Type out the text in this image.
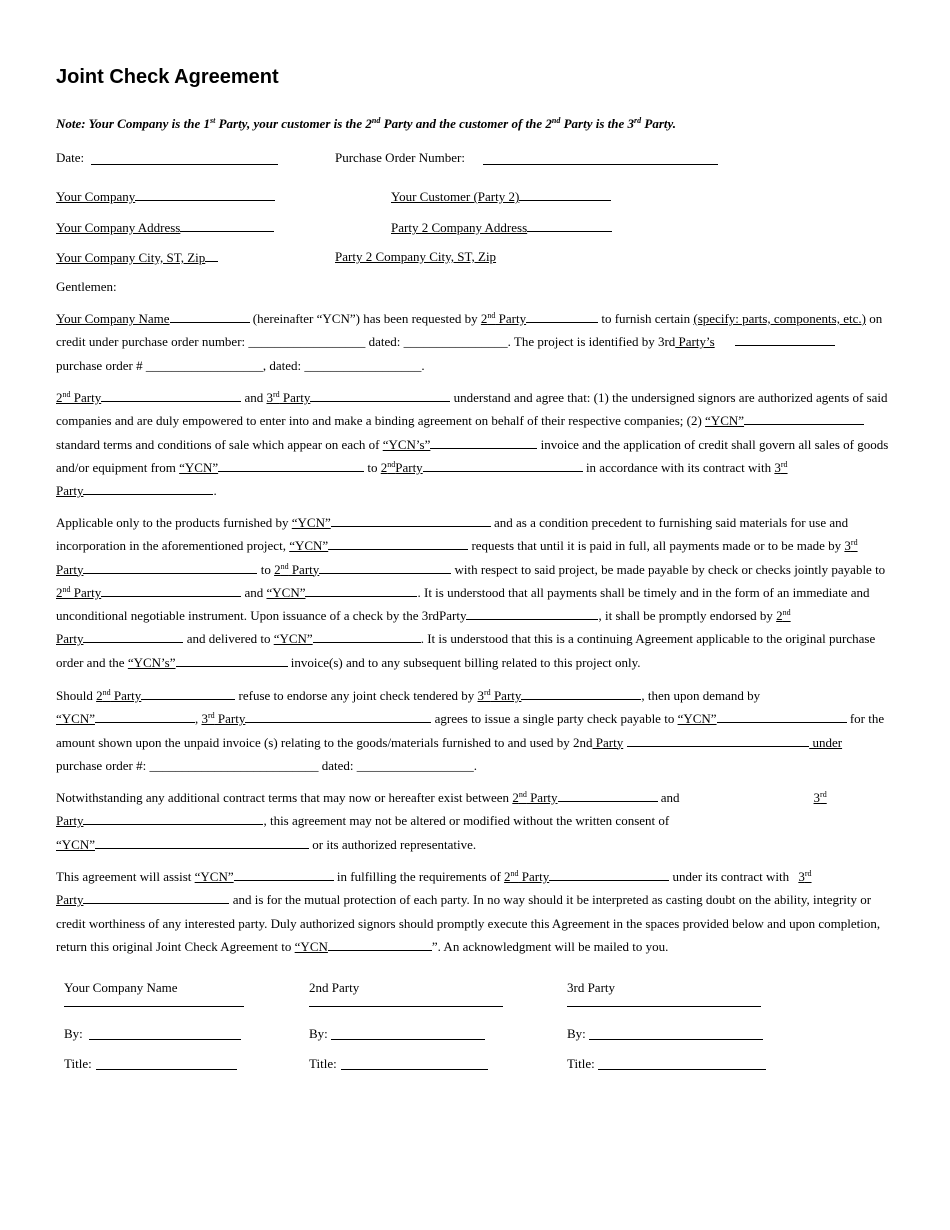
Joint Check Agreement
Note: Your Company is the 1st Party, your customer is the 2nd Party and the customer of the 2nd Party is the 3rd Party.
Date:	Purchase Order Number:
Your Company	Your Customer (Party 2)
Your Company Address	Party 2 Company Address
Your Company City, ST, Zip	Party 2 Company City, ST, Zip
Gentlemen:
Your Company Name	(hereinafter “YCN”) has been requested by 2nd Party	to furnish certain (specify: parts, components, etc.) on credit under purchase order number: __________________ dated: ________________. The project is identified by 3rd Party’s
purchase order # __________________, dated: __________________.
2nd Party	and 3rd Party	understand and agree that: (1) the undersigned signors are authorized agents of said companies and are duly empowered to enter into and make a binding agreement on behalf of their respective companies; (2) “YCN” standard terms and conditions of sale which appear on each of “YCN’s”	invoice and the application of credit shall govern all sales of goods and/or equipment from “YCN”	to 2ndParty	in accordance with its contract with 3rd
Party	.
Applicable only to the products furnished by “YCN”	and as a condition precedent to furnishing said materials for use and incorporation in the aforementioned project, “YCN”	requests that until it is paid in full, all payments made or to be made by 3rd
Party	to 2nd Party	with respect to said project, be made payable by check or checks jointly payable to 2nd Party	and “YCN”	. It is understood that all payments shall be timely and in the form of an immediate and unconditional negotiable instrument. Upon issuance of a check by the 3rdParty	, it shall be promptly endorsed by 2nd
Party	and delivered to “YCN”	. It is understood that this is a continuing Agreement applicable to the original purchase order and the “YCN’s”	invoice(s) and to any subsequent billing related to this project only.
Should 2nd Party	refuse to endorse any joint check tendered by 3rd Party	, then upon demand by
“YCN”	, 3rd Party	agrees to issue a single party check payable to “YCN”	for the amount shown upon the unpaid invoice (s) relating to the goods/materials furnished to and used by 2nd Party	under
purchase order #: __________________________ dated: __________________.
Notwithstanding any additional contract terms that may now or hereafter exist between 2nd Party	and	3rd
Party	, this agreement may not be altered or modified without the written consent of
“YCN”	or its authorized representative.
This agreement will assist “YCN”	in fulfilling the requirements of 2nd Party	under its contract with 3rd
Party	and is for the mutual protection of each party. In no way should it be interpreted as casting doubt on the ability, integrity or credit worthiness of any interested party. Duly authorized signors should promptly execute this Agreement in the spaces provided below and upon completion, return this original Joint Check Agreement to “YCN	”. An acknowledgment will be mailed to you.
Your Company Name	2nd Party	3rd Party
By:	By:	By:
Title:	Title:	Title:
